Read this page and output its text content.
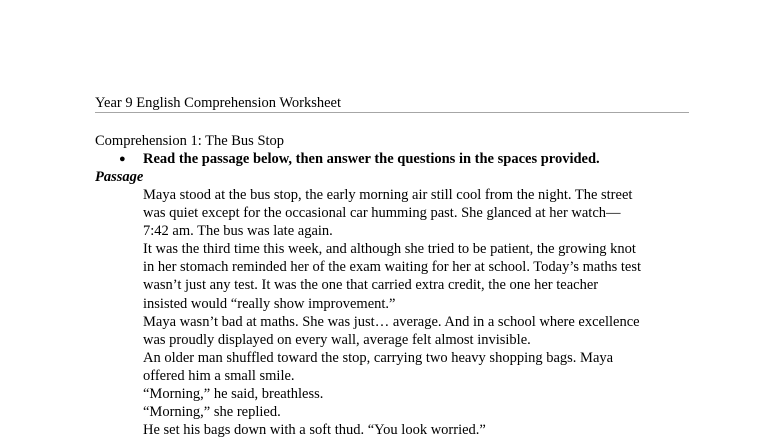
Year 9 English Comprehension Worksheet
Comprehension 1: The Bus Stop
● Read the passage below, then answer the questions in the spaces provided.
Passage
Maya stood at the bus stop, the early morning air still cool from the night. The street
was quiet except for the occasional car humming past. She glanced at her watch—
7:42 am. The bus was late again.
It was the third time this week, and although she tried to be patient, the growing knot
in her stomach reminded her of the exam waiting for her at school. Today’s maths test
wasn’t just any test. It was the one that carried extra credit, the one her teacher
insisted would “really show improvement.”
Maya wasn’t bad at maths. She was just… average. And in a school where excellence
was proudly displayed on every wall, average felt almost invisible.
An older man shuffled toward the stop, carrying two heavy shopping bags. Maya
offered him a small smile.
“Morning,” he said, breathless.
“Morning,” she replied.
He set his bags down with a soft thud. “You look worried.”
